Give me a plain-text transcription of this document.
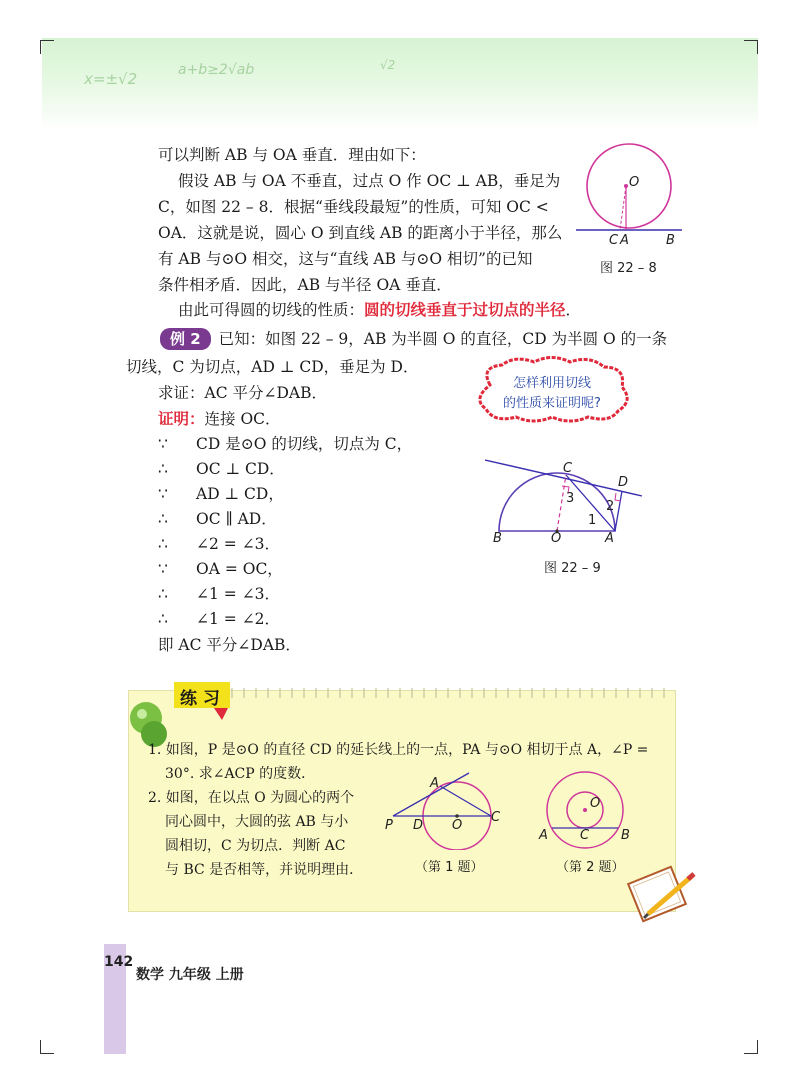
x=±√2	a+b≥2√ab	√2
可以判断 AB 与 OA 垂直．理由如下：
假设 AB 与 OA 不垂直，过点 O 作 OC ⊥ AB，垂足为
C，如图 22 – 8．根据“垂线段最短”的性质，可知 OC <
OA．这就是说，圆心 O 到直线 AB 的距离小于半径，那么
有 AB 与⊙O 相交，这与“直线 AB 与⊙O 相切”的已知
条件相矛盾．因此，AB 与半径 OA 垂直．
由此可得圆的切线的性质：圆的切线垂直于过切点的半径．
O
C A	B
图 22 – 8
例 2 已知：如图 22 – 9，AB 为半圆 O 的直径，CD 为半圆 O 的一条
切线，C 为切点，AD ⊥ CD，垂足为 D．
求证：AC 平分∠DAB．
证明：连接 OC．
∵ CD 是⊙O 的切线，切点为 C，
∴ OC ⊥ CD．
∵ AD ⊥ CD，
∴ OC ∥ AD．
∴ ∠2 = ∠3．
∵ OA = OC，
∴ ∠1 = ∠3．
∴ ∠1 = ∠2．
即 AC 平分∠DAB．
怎样利用切线
的性质来证明呢?
C
D
B	O	A
1
2
3
图 22 – 9
练 习
1. 如图，P 是⊙O 的直径 CD 的延长线上的一点，PA 与⊙O 相切于点 A，∠P =
30°. 求∠ACP 的度数．
2. 如图，在以点 O 为圆心的两个
同心圆中，大圆的弦 AB 与小
圆相切，C 为切点．判断 AC
与 BC 是否相等，并说明理由．
A
P D O
C
（第 1 题）
O
A C B
（第 2 题）
142
数学 九年级 上册
